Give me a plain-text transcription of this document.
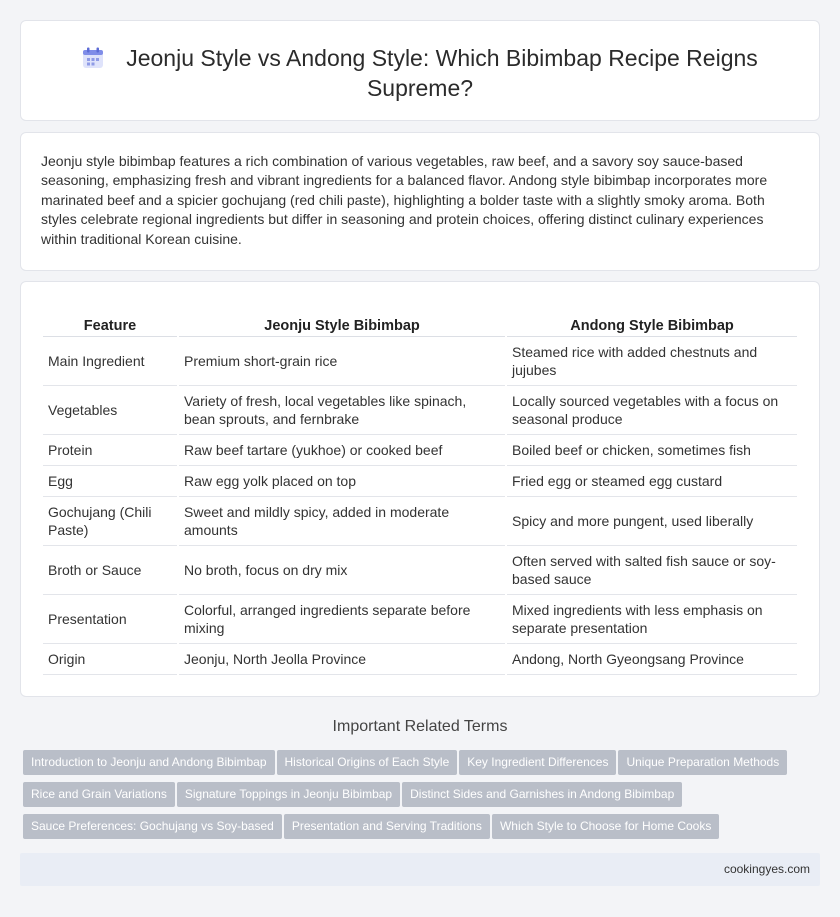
Jeonju Style vs Andong Style: Which Bibimbap Recipe Reigns Supreme?

Jeonju style bibimbap features a rich combination of various vegetables, raw beef, and a savory soy sauce-based seasoning, emphasizing fresh and vibrant ingredients for a balanced flavor. Andong style bibimbap incorporates more marinated beef and a spicier gochujang (red chili paste), highlighting a bolder taste with a slightly smoky aroma. Both styles celebrate regional ingredients but differ in seasoning and protein choices, offering distinct culinary experiences within traditional Korean cuisine.

Feature	Jeonju Style Bibimbap	Andong Style Bibimbap
Main Ingredient	Premium short-grain rice	Steamed rice with added chestnuts and jujubes
Vegetables	Variety of fresh, local vegetables like spinach, bean sprouts, and fernbrake	Locally sourced vegetables with a focus on seasonal produce
Protein	Raw beef tartare (yukhoe) or cooked beef	Boiled beef or chicken, sometimes fish
Egg	Raw egg yolk placed on top	Fried egg or steamed egg custard
Gochujang (Chili Paste)	Sweet and mildly spicy, added in moderate amounts	Spicy and more pungent, used liberally
Broth or Sauce	No broth, focus on dry mix	Often served with salted fish sauce or soy-based sauce
Presentation	Colorful, arranged ingredients separate before mixing	Mixed ingredients with less emphasis on separate presentation
Origin	Jeonju, North Jeolla Province	Andong, North Gyeongsang Province
Important Related Terms
Introduction to Jeonju and Andong Bibimbap Historical Origins of Each Style Key Ingredient Differences Unique Preparation MethodsRice and Grain Variations Signature Toppings in Jeonju Bibimbap Distinct Sides and Garnishes in Andong BibimbapSauce Preferences: Gochujang vs Soy-based Presentation and Serving Traditions Which Style to Choose for Home Cooks
cookingyes.com
